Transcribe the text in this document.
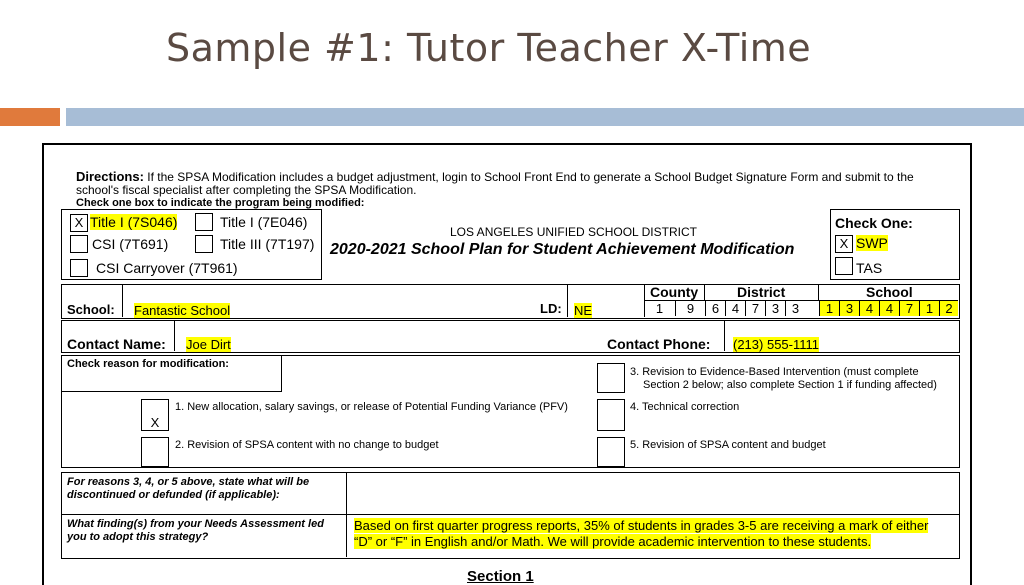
Sample #1: Tutor Teacher X-Time
Directions: If the SPSA Modification includes a budget adjustment, login to School Front End to generate a School Budget Signature Form and submit to the
school's fiscal specialist after completing the SPSA Modification.
Check one box to indicate the program being modified:
X Title I (7S046)	Title I (7E046)
CSI (7T691)	Title III (7T197)
CSI Carryover (7T961)
LOS ANGELES UNIFIED SCHOOL DISTRICT
2020-2021 School Plan for Student Achievement Modification
Check One:
X SWP
TAS
School: Fantastic School	LD: NE
County	District	School
1	9	6 4 7 3 3	1 3 4 4 7 1 2
Contact Name: Joe Dirt	Contact Phone: (213) 555-1111
Check reason for modification:
X
1. New allocation, salary savings, or release of Potential Funding Variance (PFV)
2. Revision of SPSA content with no change to budget
3. Revision to Evidence-Based Intervention (must complete
Section 2 below; also complete Section 1 if funding affected)
4. Technical correction
5. Revision of SPSA content and budget
For reasons 3, 4, or 5 above, state what will be
discontinued or defunded (if applicable):
What finding(s) from your Needs Assessment led
you to adopt this strategy?
Based on first quarter progress reports, 35% of students in grades 3-5 are receiving a mark of either
“D” or “F” in English and/or Math. We will provide academic intervention to these students.
Section 1
